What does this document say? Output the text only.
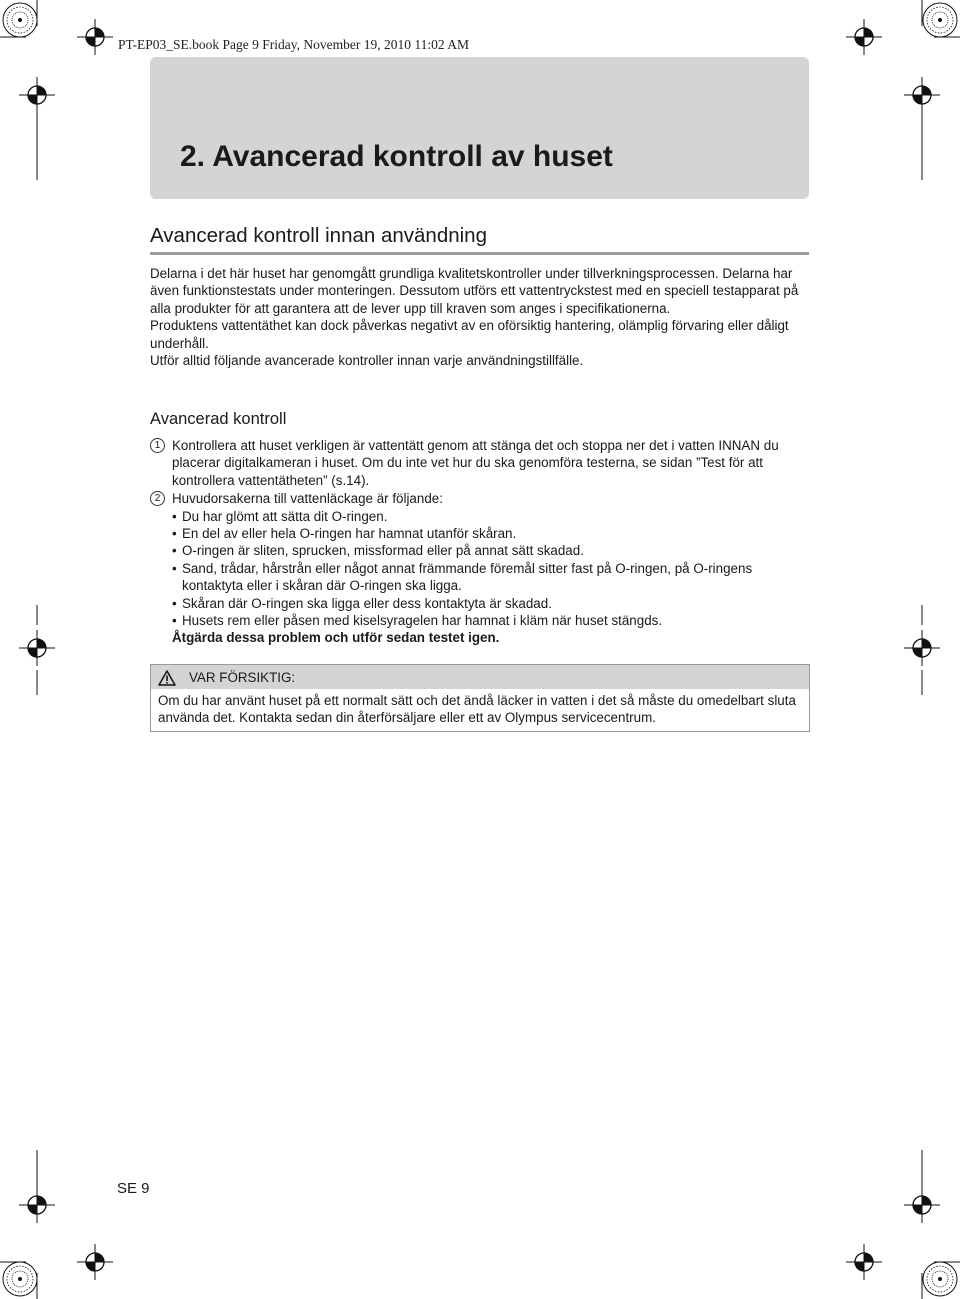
PT-EP03_SE.book Page 9 Friday, November 19, 2010 11:02 AM
2. Avancerad kontroll av huset
Avancerad kontroll innan användning

Delarna i det här huset har genomgått grundliga kvalitetskontroller under tillverkningsprocessen. Delarna har även funktionstestats under monteringen. Dessutom utförs ett vattentryckstest med en speciell testapparat på alla produkter för att garantera att de lever upp till kraven som anges i specifikationerna.

Produktens vattentäthet kan dock påverkas negativt av en oförsiktig hantering, olämplig förvaring eller dåligt underhåll.

Utför alltid följande avancerade kontroller innan varje användningstillfälle.

Avancerad kontroll
1 Kontrollera att huset verkligen är vattentätt genom att stänga det och stoppa ner det i vatten INNAN du placerar digitalkameran i huset. Om du inte vet hur du ska genomföra testerna, se sidan ”Test för att kontrollera vattentätheten” (s.14).
2 Huvudorsakerna till vattenläckage är följande:
• Du har glömt att sätta dit O-ringen.
• En del av eller hela O-ringen har hamnat utanför skåran.
• O-ringen är sliten, sprucken, missformad eller på annat sätt skadad.
• Sand, trådar, hårstrån eller något annat främmande föremål sitter fast på O-ringen, på O-ringens kontaktyta eller i skåran där O-ringen ska ligga.
• Skåran där O-ringen ska ligga eller dess kontaktyta är skadad.
• Husets rem eller påsen med kiselsyragelen har hamnat i kläm när huset stängds.
Åtgärda dessa problem och utför sedan testet igen.
VAR FÖRSIKTIG:
Om du har använt huset på ett normalt sätt och det ändå läcker in vatten i det så måste du omedelbart sluta använda det. Kontakta sedan din återförsäljare eller ett av Olympus servicecentrum.
SE 9
